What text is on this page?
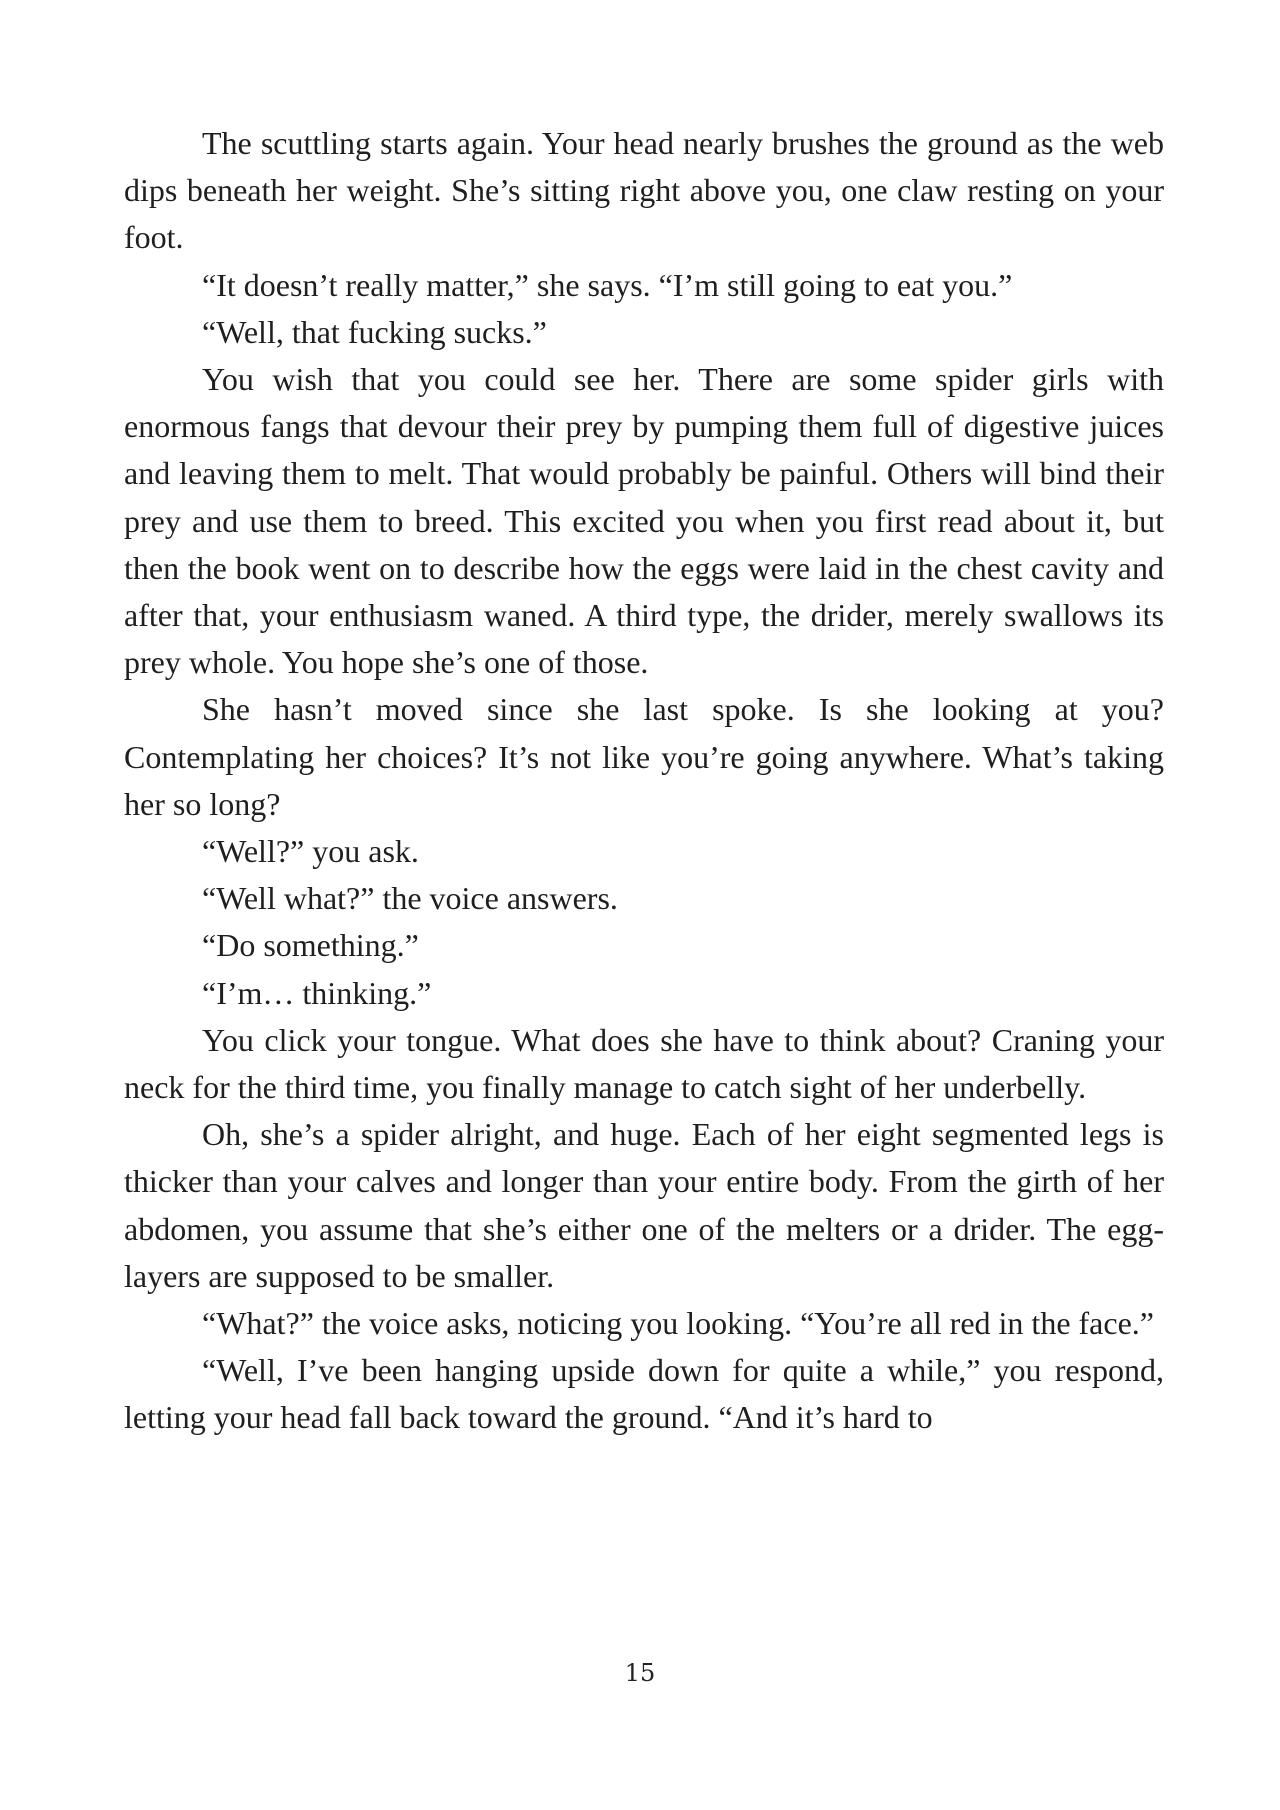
The scuttling starts again. Your head nearly brushes the ground as the web dips beneath her weight. She’s sitting right above you, one claw resting on your foot.

“It doesn’t really matter,” she says. “I’m still going to eat you.”

“Well, that fucking sucks.”

You wish that you could see her. There are some spider girls with enormous fangs that devour their prey by pumping them full of digestive juices and leaving them to melt. That would probably be painful. Others will bind their prey and use them to breed. This excited you when you first read about it, but then the book went on to describe how the eggs were laid in the chest cavity and after that, your enthusiasm waned. A third type, the drider, merely swallows its prey whole. You hope she’s one of those.

She hasn’t moved since she last spoke. Is she looking at you? Contemplating her choices? It’s not like you’re going anywhere. What’s taking her so long?

“Well?” you ask.

“Well what?” the voice answers.

“Do something.”

“I’m… thinking.”

You click your tongue. What does she have to think about? Craning your neck for the third time, you finally manage to catch sight of her underbelly.

Oh, she’s a spider alright, and huge. Each of her eight segmented legs is thicker than your calves and longer than your entire body. From the girth of her abdomen, you assume that she’s either one of the melters or a drider. The egg-layers are supposed to be smaller.

“What?” the voice asks, noticing you looking. “You’re all red in the face.”

“Well, I’ve been hanging upside down for quite a while,” you respond, letting your head fall back toward the ground. “And it’s hard to

15
